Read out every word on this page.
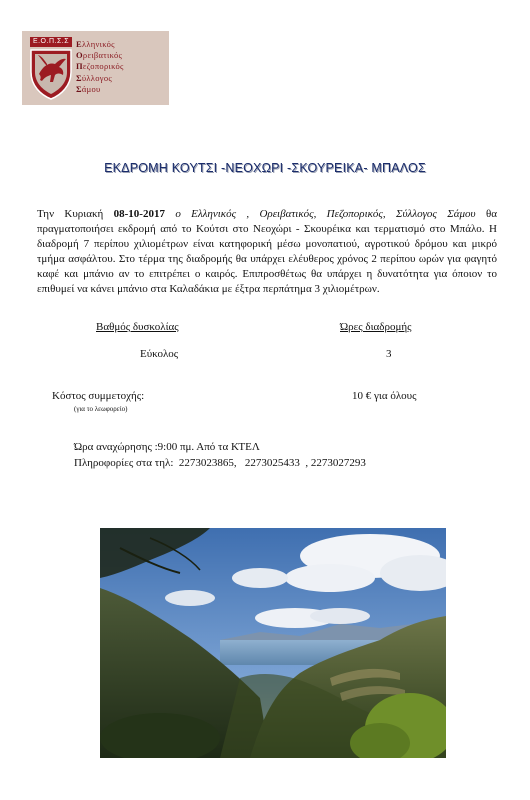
Ε.Ο.Π.Σ.Σ Ελληνικός
Ορειβατικός
Πεζοπορικός
Σύλλογος
Σάμου
ΕΚΔΡΟΜΗ ΚΟΥΤΣΙ -ΝΕΟΧΩΡΙ -ΣΚΟΥΡΕΙΚΑ- ΜΠΑΛΟΣ
Την Κυριακή 08-10-2017 ο Ελληνικός , Ορειβατικός, Πεζοπορικός, Σύλλογος Σάμου θα πραγματοποιήσει εκδρομή από το Κούτσι στο Νεοχώρι - Σκουρέικα και τερματισμό στο Μπάλο. Η διαδρομή 7 περίπου χιλιομέτρων είναι κατηφορική μέσω μονοπατιού, αγροτικού δρόμου και μικρό τμήμα ασφάλτου. Στο τέρμα της διαδρομής θα υπάρχει ελέυθερος χρόνος 2 περίπου ωρών για φαγητό καφέ και μπάνιο αν το επιτρέπει ο καιρός. Επιπροσθέτως θα υπάρχει η δυνατότητα για όποιον το επιθυμεί να κάνει μπάνιο στα Καλαδάκια με έξτρα περπάτημα 3 χιλιομέτρων.
Βαθμός δυσκολίας	Ώρες διαδρομής
Εύκολος	3
Κόστος συμμετοχής:
(για το λεωφορείο)
10 € για όλους
Ώρα αναχώρησης :9:00 πμ. Από τα ΚΤΕΛ
Πληροφορίες στα τηλ:  2273023865,   2273025433  , 2273027293
